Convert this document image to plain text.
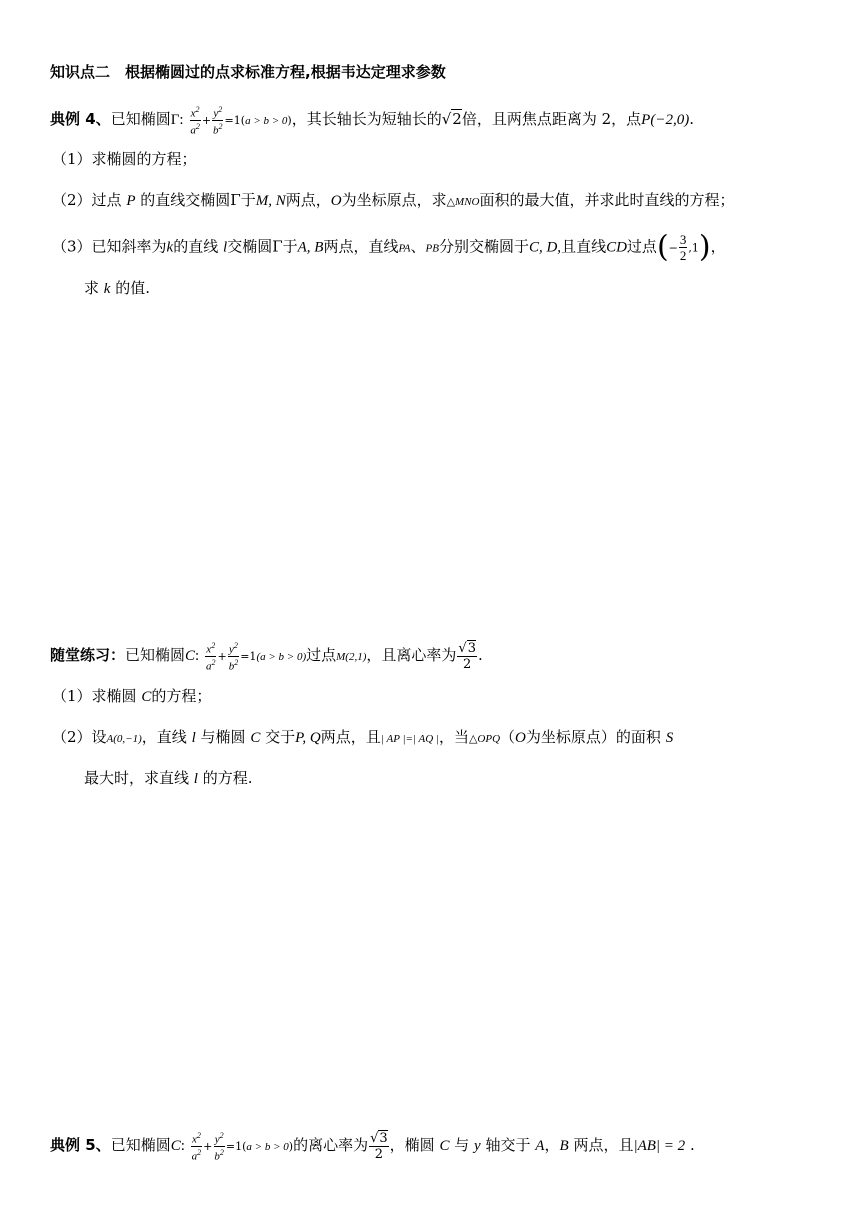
知识点二　根据椭圆过的点求标准方程,根据韦达定理求参数
典例 4、已知椭圆Γ: $\frac{x^2}{a^2} + \frac{y^2}{b^2} =1(a > b > 0)$，其长轴长为短轴长的√2倍，且两焦点距离为 2，点P(−2,0).
（1）求椭圆的方程；
（2）过点 P 的直线交椭圆Γ于M, N两点，O为坐标原点，求△MNO面积的最大值，并求此时直线的方程；
（3）已知斜率为k的直线 l交椭圆Γ于A, B两点，直线PA、PB分别交椭圆于C, D,且直线CD过点(− $\frac{3}{2} ,1$)，
求 k 的值.
随堂练习：已知椭圆C: $\frac{x^2}{a^2} + \frac{y^2}{b^2} =1(a > b > 0)$过点M(2,1)，且离心率为 $\frac{√3}{2}$ .
（1）求椭圆 C的方程；
（2）设A(0,−1)，直线 l 与椭圆 C 交于P, Q两点，且| AP |=| AQ |，当△OPQ（O为坐标原点）的面积 S
最大时，求直线 l 的方程.
典例 5、已知椭圆C: $\frac{x^2}{a^2} + \frac{y^2}{b^2} =1(a > b > 0)$的离心率为 $\frac{√3}{2}$ ，椭圆 C 与 y 轴交于 A，B 两点，且|AB| = 2 .
